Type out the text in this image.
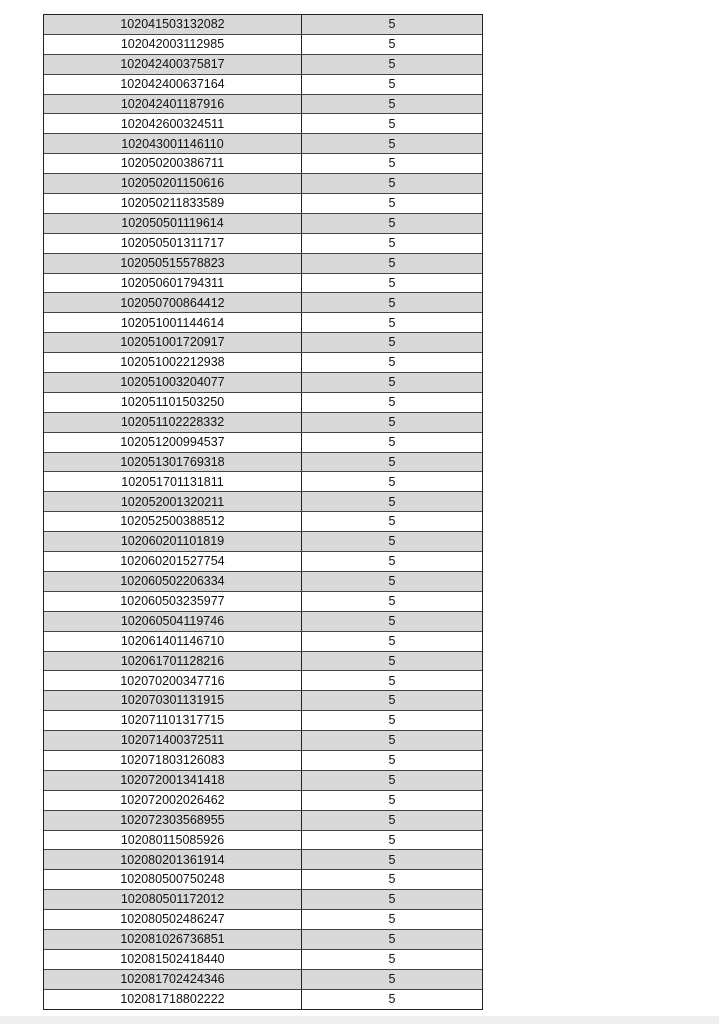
102041503132082	5
102042003112985	5
102042400375817	5
102042400637164	5
102042401187916	5
102042600324511	5
102043001146110	5
102050200386711	5
102050201150616	5
102050211833589	5
102050501119614	5
102050501311717	5
102050515578823	5
102050601794311	5
102050700864412	5
102051001144614	5
102051001720917	5
102051002212938	5
102051003204077	5
102051101503250	5
102051102228332	5
102051200994537	5
102051301769318	5
102051701131811	5
102052001320211	5
102052500388512	5
102060201101819	5
102060201527754	5
102060502206334	5
102060503235977	5
102060504119746	5
102061401146710	5
102061701128216	5
102070200347716	5
102070301131915	5
102071101317715	5
102071400372511	5
102071803126083	5
102072001341418	5
102072002026462	5
102072303568955	5
102080115085926	5
102080201361914	5
102080500750248	5
102080501172012	5
102080502486247	5
102081026736851	5
102081502418440	5
102081702424346	5
102081718802222	5
